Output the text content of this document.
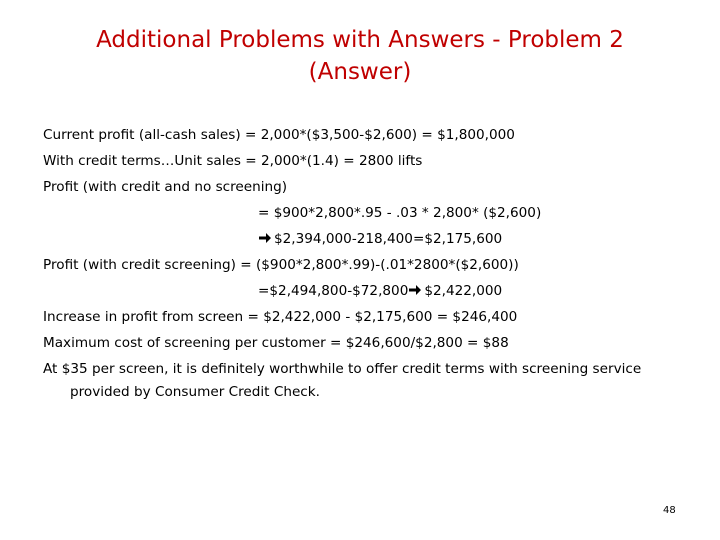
Additional Problems with Answers - Problem 2
(Answer)
Current profit (all-cash sales) = 2,000*($3,500-$2,600) = $1,800,000
With credit terms…Unit sales = 2,000*(1.4) = 2800 lifts
Profit (with credit and no screening)
= $900*2,800*.95 - .03 * 2,800* ($2,600)
$2,394,000-218,400=$2,175,600
Profit (with credit screening) = ($900*2,800*.99)-(.01*2800*($2,600))
=$2,494,800-$72,800 $2,422,000
Increase in profit from screen = $2,422,000 - $2,175,600 = $246,400
Maximum cost of screening per customer = $246,600/$2,800 = $88
At $35 per screen, it is definitely worthwhile to offer credit terms with screening service
provided by Consumer Credit Check.
48
